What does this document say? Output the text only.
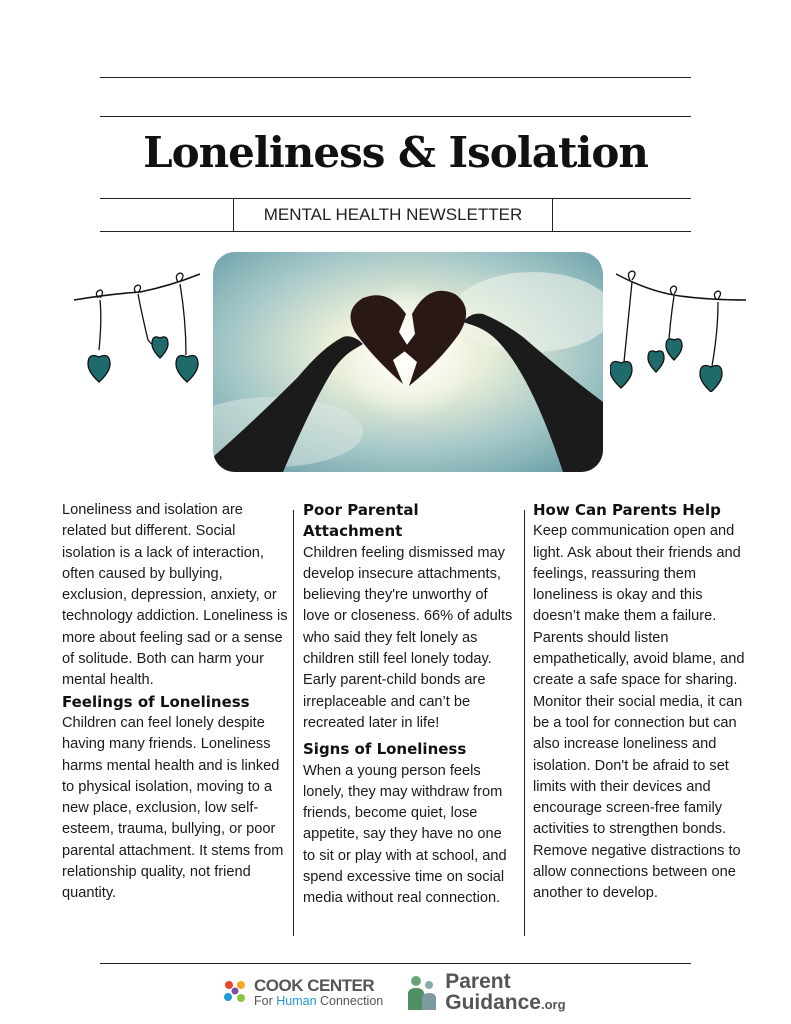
Loneliness & Isolation
MENTAL HEALTH NEWSLETTER

Loneliness and isolation are related but different. Social isolation is a lack of interaction, often caused by bullying, exclusion, depression, anxiety, or technology addiction. Loneliness is more about feeling sad or a sense of solitude. Both can harm your mental health.

Feelings of Loneliness

Children can feel lonely despite having many friends. Loneliness harms mental health and is linked to physical isolation, moving to a new place, exclusion, low self-esteem, trauma, bullying, or poor parental attachment. It stems from relationship quality, not friend quantity.

Poor Parental Attachment

Children feeling dismissed may develop insecure attachments, believing they're unworthy of love or closeness. 66% of adults who said they felt lonely as children still feel lonely today. Early parent-child bonds are irreplaceable and can’t be recreated later in life!

Signs of Loneliness

When a young person feels lonely, they may withdraw from friends, become quiet, lose appetite, say they have no one to sit or play with at school, and spend excessive time on social media without real connection.

How Can Parents Help

Keep communication open and light. Ask about their friends and feelings, reassuring them loneliness is okay and this doesn’t make them a failure. Parents should listen empathetically, avoid blame, and create a safe space for sharing. Monitor their social media, it can be a tool for connection but can also increase loneliness and isolation. Don't be afraid to set limits with their devices and encourage screen-free family activities to strengthen bonds. Remove negative distractions to allow connections between one another to develop.

COOK CENTER
For Human Connection
Parent
Guidance.org
